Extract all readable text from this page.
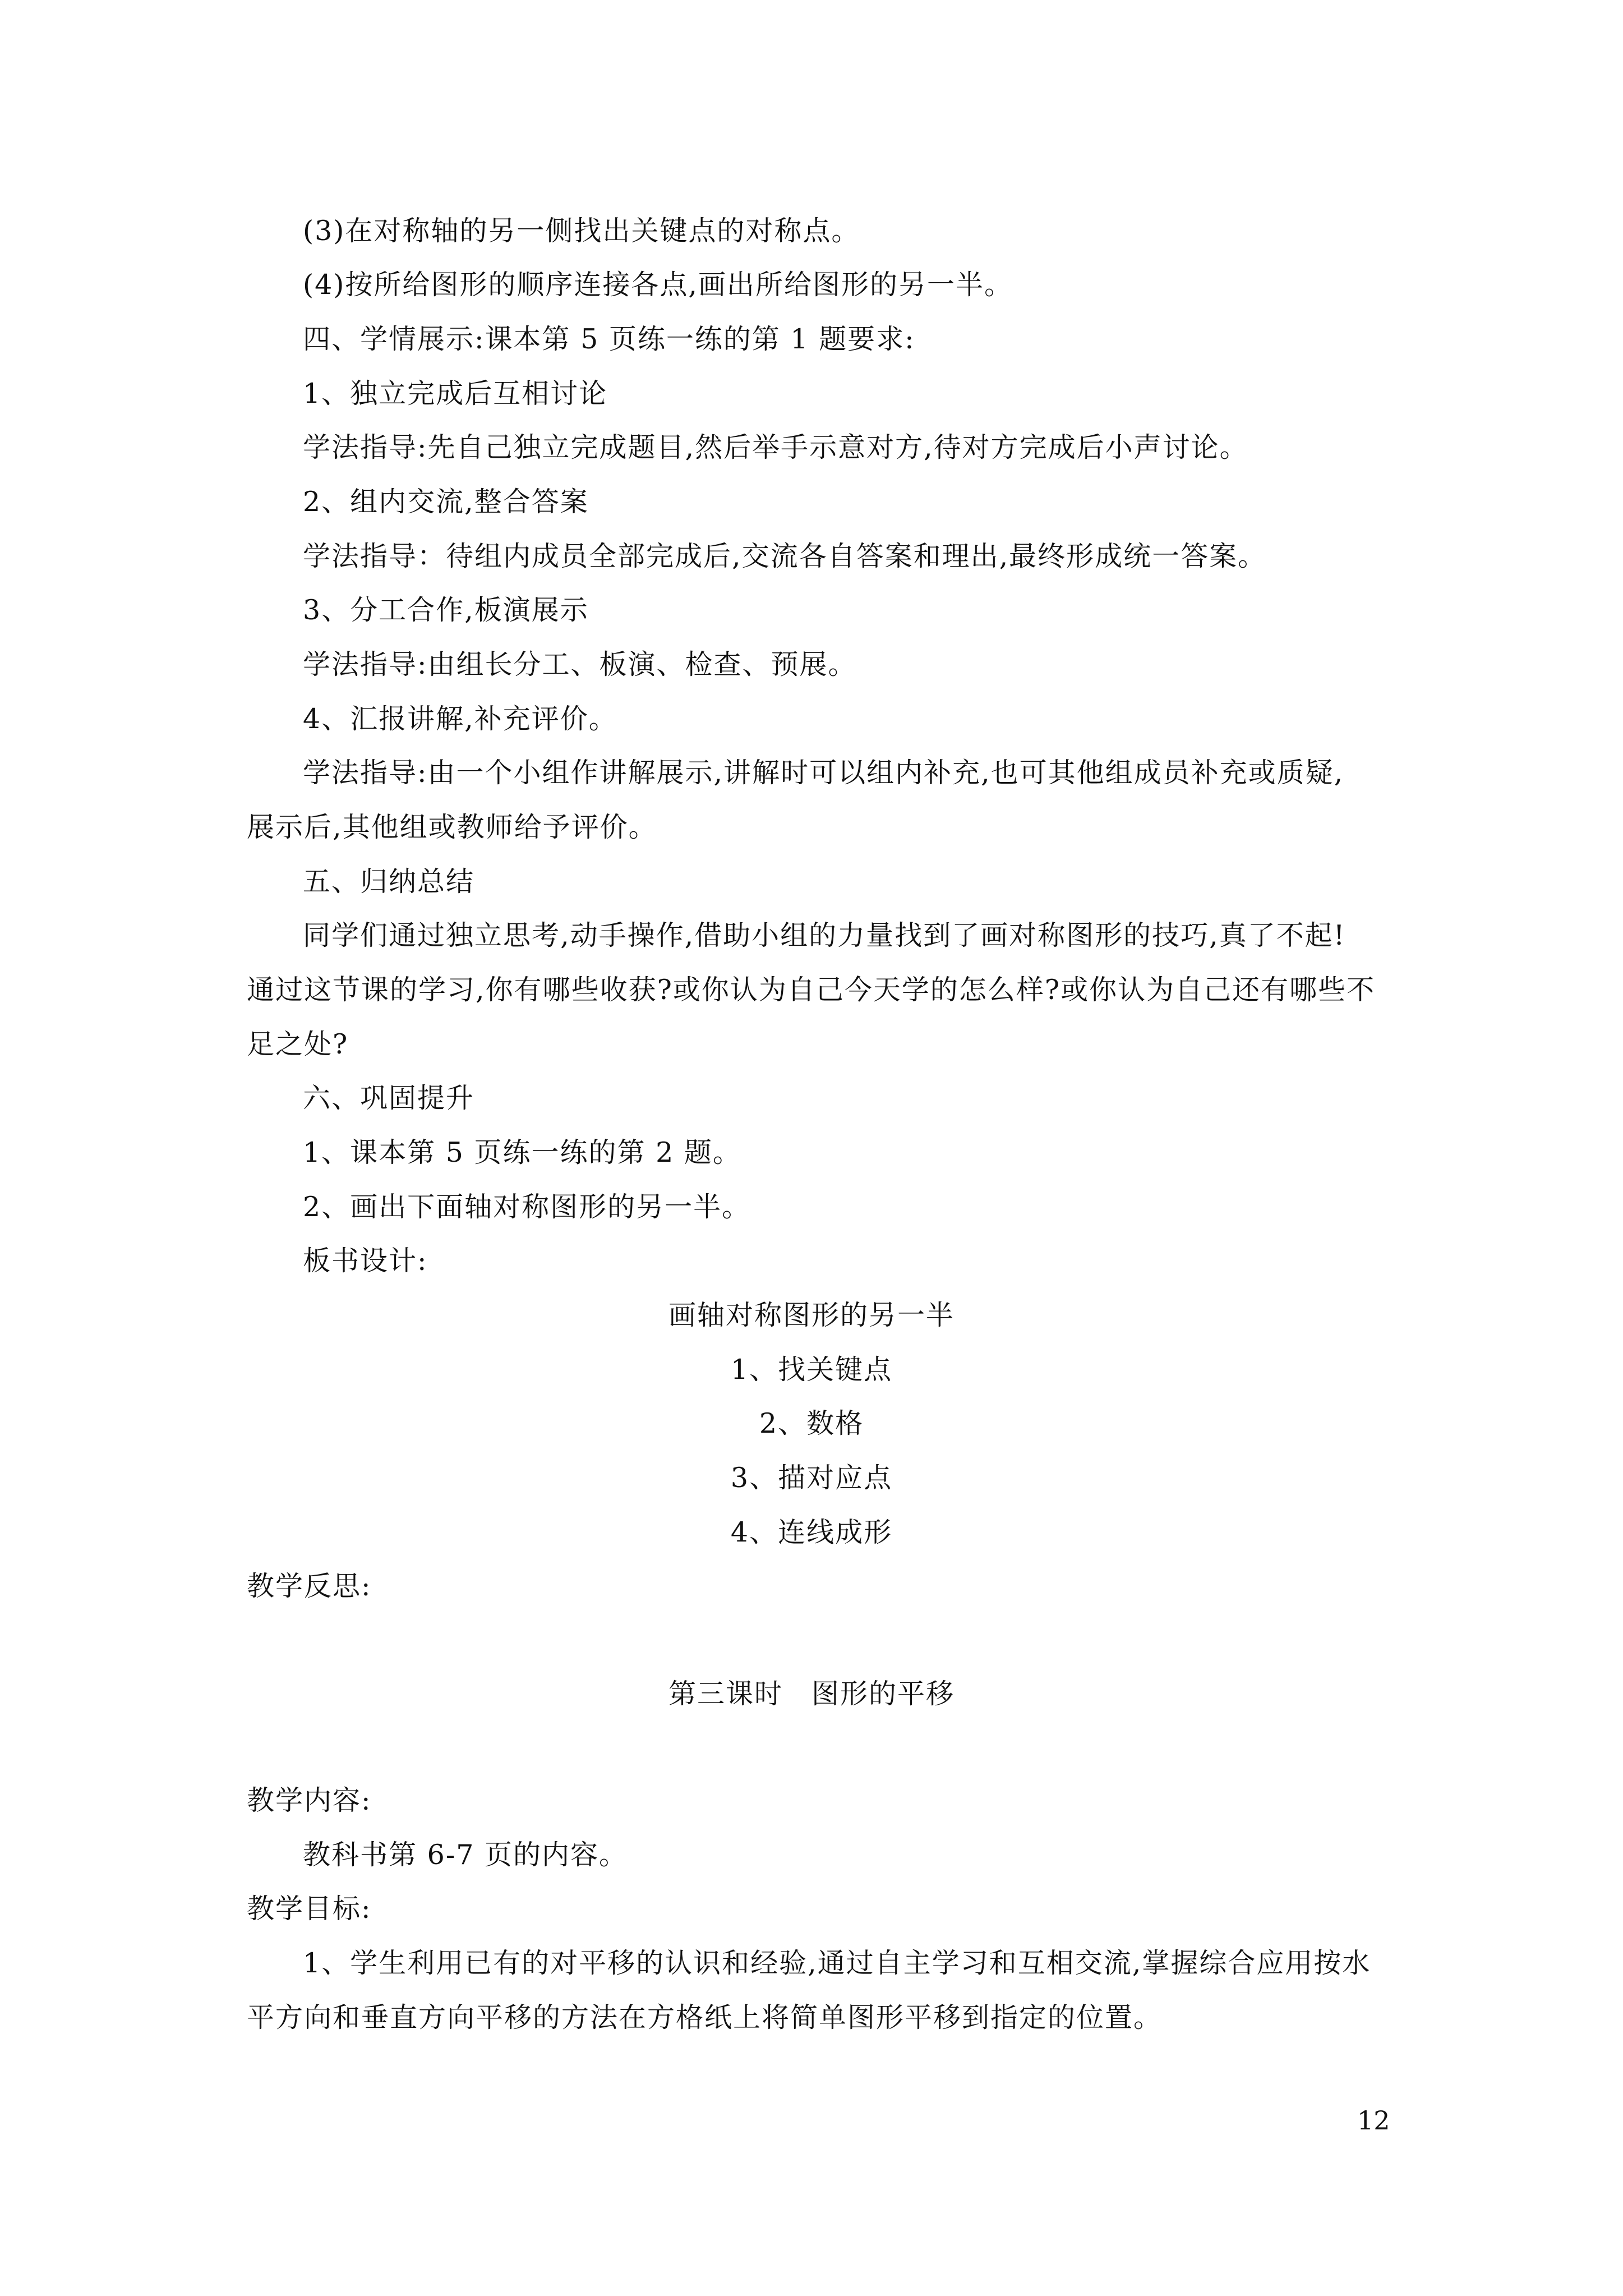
(3)在对称轴的另一侧找出关键点的对称点。
(4)按所给图形的顺序连接各点,画出所给图形的另一半。
四、学情展示:课本第 5 页练一练的第 1 题要求:
1、独立完成后互相讨论
学法指导:先自己独立完成题目,然后举手示意对方,待对方完成后小声讨论。
2、组内交流,整合答案
学法指导：待组内成员全部完成后,交流各自答案和理出,最终形成统一答案。
3、分工合作,板演展示
学法指导:由组长分工、板演、检查、预展。
4、汇报讲解,补充评价。
学法指导:由一个小组作讲解展示,讲解时可以组内补充,也可其他组成员补充或质疑,
展示后,其他组或教师给予评价。
五、归纳总结
同学们通过独立思考,动手操作,借助小组的力量找到了画对称图形的技巧,真了不起!
通过这节课的学习,你有哪些收获?或你认为自己今天学的怎么样?或你认为自己还有哪些不
足之处?
六、巩固提升
1、课本第 5 页练一练的第 2 题。
2、画出下面轴对称图形的另一半。
板书设计:
画轴对称图形的另一半
1、找关键点
2、数格
3、描对应点
4、连线成形
教学反思:
第三课时　图形的平移
教学内容:
教科书第 6-7 页的内容。
教学目标:
1、学生利用已有的对平移的认识和经验,通过自主学习和互相交流,掌握综合应用按水
平方向和垂直方向平移的方法在方格纸上将简单图形平移到指定的位置。
12
